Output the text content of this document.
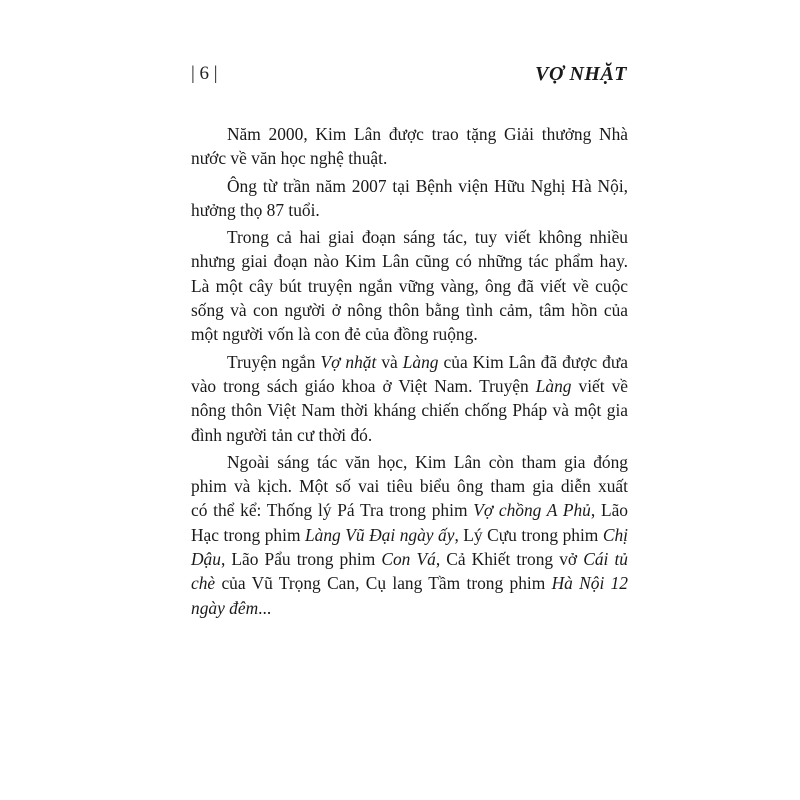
| 6 |	VỢ NHẶT
Năm 2000, Kim Lân được trao tặng Giải thưởng Nhà
nước về văn học nghệ thuật.
Ông từ trần năm 2007 tại Bệnh viện Hữu Nghị Hà Nội,
hưởng thọ 87 tuổi.
Trong cả hai giai đoạn sáng tác, tuy viết không nhiều
nhưng giai đoạn nào Kim Lân cũng có những tác phẩm hay.
Là một cây bút truyện ngắn vững vàng, ông đã viết về cuộc
sống và con người ở nông thôn bằng tình cảm, tâm hồn của
một người vốn là con đẻ của đồng ruộng.
Truyện ngắn Vợ nhặt và Làng của Kim Lân đã được đưa
vào trong sách giáo khoa ở Việt Nam. Truyện Làng viết về
nông thôn Việt Nam thời kháng chiến chống Pháp và một gia
đình người tản cư thời đó.
Ngoài sáng tác văn học, Kim Lân còn tham gia đóng
phim và kịch. Một số vai tiêu biểu ông tham gia diễn xuất
có thể kể: Thống lý Pá Tra trong phim Vợ chồng A Phủ, Lão
Hạc trong phim Làng Vũ Đại ngày ấy, Lý Cựu trong phim Chị
Dậu, Lão Pẩu trong phim Con Vá, Cả Khiết trong vở Cái tủ
chè của Vũ Trọng Can, Cụ lang Tầm trong phim Hà Nội 12
ngày đêm...
